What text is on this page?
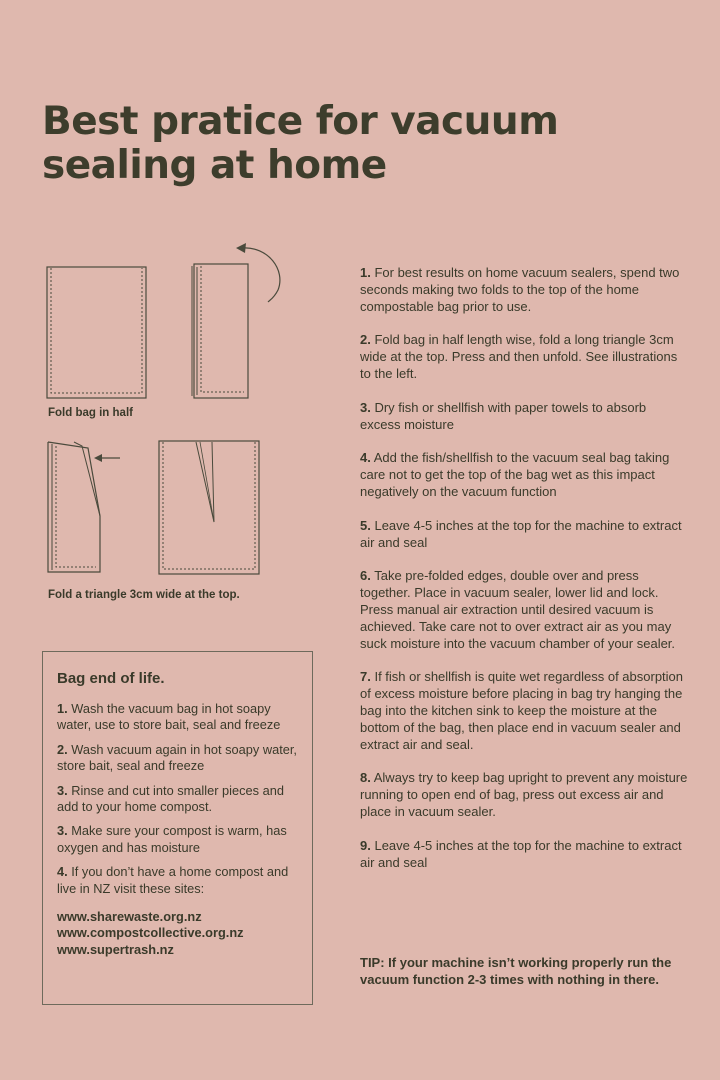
Best pratice for vacuum sealing at home
Fold bag in half
Fold a triangle 3cm wide at the top.

1. For best results on home vacuum sealers, spend two seconds making two folds to the top of the home compostable bag prior to use.

2. Fold bag in half length wise, fold a long triangle 3cm wide at the top. Press and then unfold. See illustrations to the left.

3. Dry fish or shellfish with paper towels to absorb excess moisture

4. Add the fish/shellfish to the vacuum seal bag taking care not to get the top of the bag wet as this impact negatively on the vacuum function

5. Leave 4-5 inches at the top for the machine to extract air and seal

6. Take pre-folded edges, double over and press together. Place in vacuum sealer, lower lid and lock. Press manual air extraction until desired vacuum is achieved. Take care not to over extract air as you may suck moisture into the vacuum chamber of your sealer.

7. If fish or shellfish is quite wet regardless of absorption of excess moisture before placing in bag try hanging the bag into the kitchen sink to keep the moisture at the bottom of the bag, then place end in vacuum sealer and extract air and seal.

8. Always try to keep bag upright to prevent any moisture running to open end of bag, press out excess air and place in vacuum sealer.

9. Leave 4-5 inches at the top for the machine to extract air and seal

TIP: If your machine isn’t working properly run the vacuum function 2-3 times with nothing in there.
Bag end of life.

1. Wash the vacuum bag in hot soapy water, use to store bait, seal and freeze

2. Wash vacuum again in hot soapy water, store bait, seal and freeze

3. Rinse and cut into smaller pieces and add to your home compost.

3. Make sure your compost is warm, has oxygen and has moisture

4. If you don’t have a home compost and live in NZ visit these sites:

www.sharewaste.org.nz
www.compostcollective.org.nz
www.supertrash.nz
